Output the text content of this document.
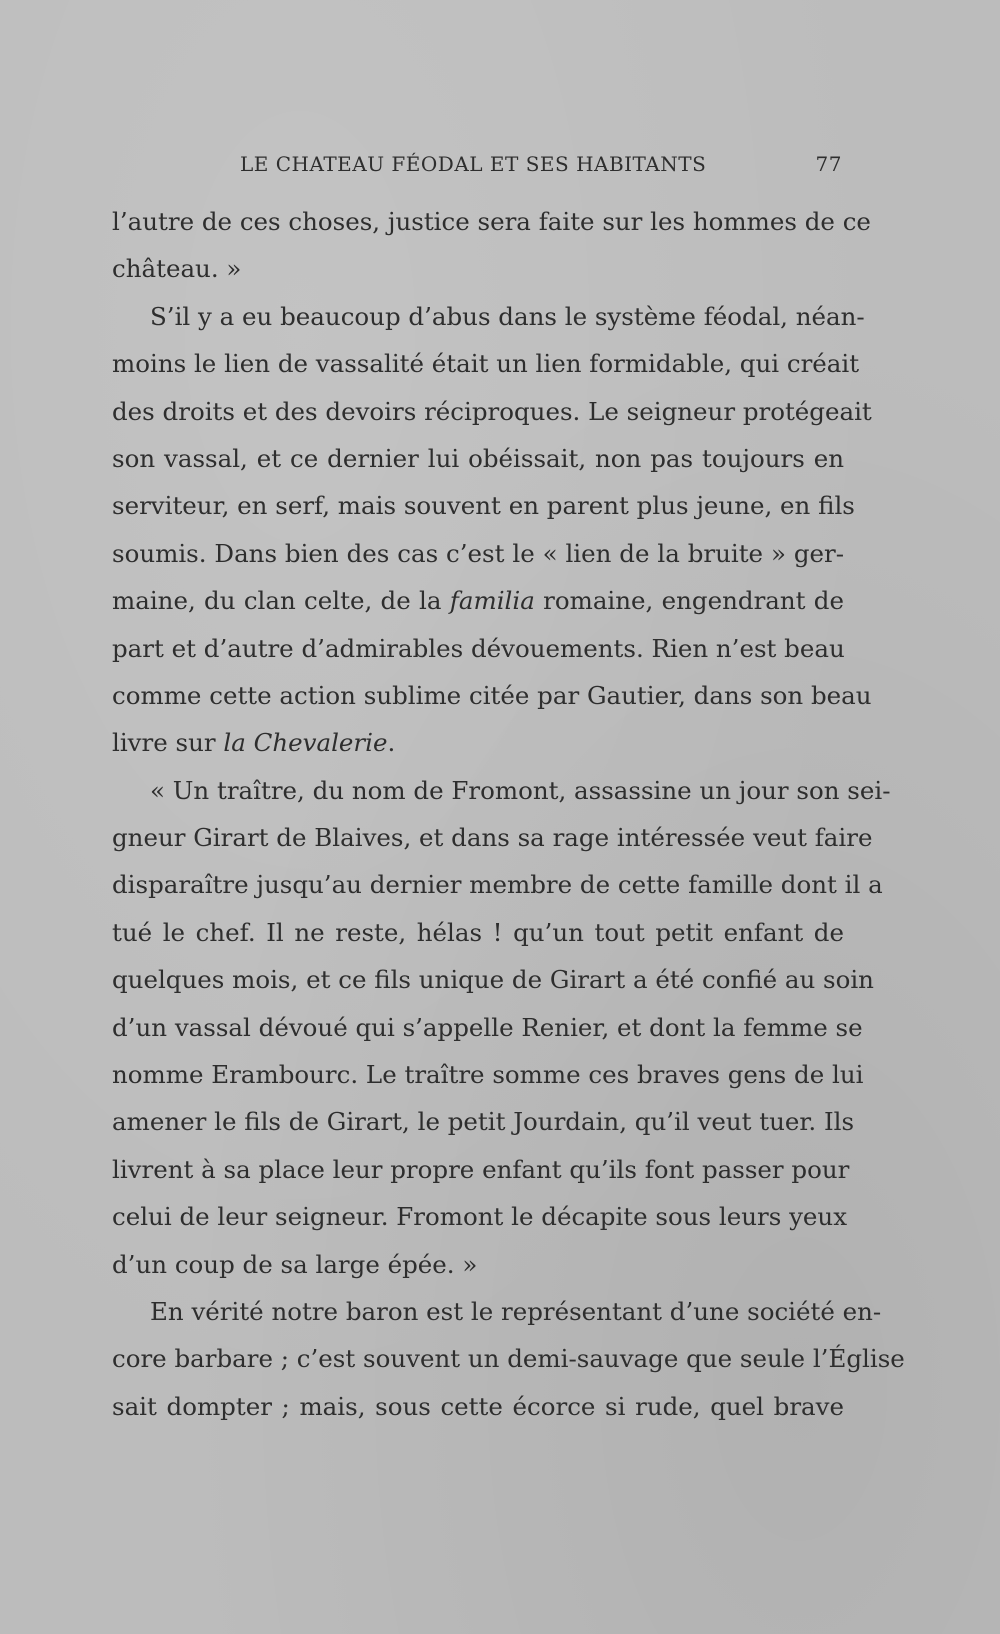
LE CHATEAU FÉODAL ET SES HABITANTS	77
l’autre de ces choses, justice sera faite sur les hommes de ce
château. »
S’il y a eu beaucoup d’abus dans le système féodal, néan-
moins le lien de vassalité était un lien formidable, qui créait
des droits et des devoirs réciproques. Le seigneur protégeait
son vassal, et ce dernier lui obéissait, non pas toujours en
serviteur, en serf, mais souvent en parent plus jeune, en fils
soumis. Dans bien des cas c’est le « lien de la bruite » ger-
maine, du clan celte, de la familia romaine, engendrant de
part et d’autre d’admirables dévouements. Rien n’est beau
comme cette action sublime citée par Gautier, dans son beau
livre sur la Chevalerie.
« Un traître, du nom de Fromont, assassine un jour son sei-
gneur Girart de Blaives, et dans sa rage intéressée veut faire
disparaître jusqu’au dernier membre de cette famille dont il a
tué le chef. Il ne reste, hélas ! qu’un tout petit enfant de
quelques mois, et ce fils unique de Girart a été confié au soin
d’un vassal dévoué qui s’appelle Renier, et dont la femme se
nomme Erambourc. Le traître somme ces braves gens de lui
amener le fils de Girart, le petit Jourdain, qu’il veut tuer. Ils
livrent à sa place leur propre enfant qu’ils font passer pour
celui de leur seigneur. Fromont le décapite sous leurs yeux
d’un coup de sa large épée. »
En vérité notre baron est le représentant d’une société en-
core barbare ; c’est souvent un demi-sauvage que seule l’Église
sait dompter ; mais, sous cette écorce si rude, quel brave
